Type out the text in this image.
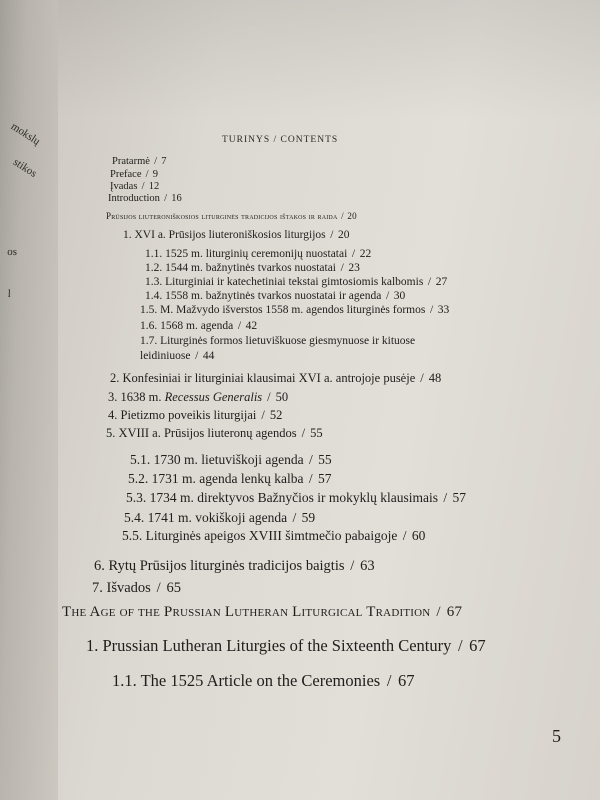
mokslų
stikos
os
l
TURINYS / CONTENTS
Pratarmė / 7
Preface / 9
Įvadas / 12
Introduction / 16
Prūsijos liuteroniškosios liturginės tradicijos ištakos ir raida / 20
1. XVI a. Prūsijos liuteroniškosios liturgijos / 20
1.1. 1525 m. liturginių ceremonijų nuostatai / 22
1.2. 1544 m. bažnytinės tvarkos nuostatai / 23
1.3. Liturginiai ir katechetiniai tekstai gimtosiomis kalbomis / 27
1.4. 1558 m. bažnytinės tvarkos nuostatai ir agenda / 30
1.5. M. Mažvydo išverstos 1558 m. agendos liturginės formos / 33
1.6. 1568 m. agenda / 42
1.7. Liturginės formos lietuviškuose giesmynuose ir kituose
leidiniuose / 44
2. Konfesiniai ir liturginiai klausimai XVI a. antrojoje pusėje / 48
3. 1638 m. Recessus Generalis / 50
4. Pietizmo poveikis liturgijai / 52
5. XVIII a. Prūsijos liuteronų agendos / 55
5.1. 1730 m. lietuviškoji agenda / 55
5.2. 1731 m. agenda lenkų kalba / 57
5.3. 1734 m. direktyvos Bažnyčios ir mokyklų klausimais / 57
5.4. 1741 m. vokiškoji agenda / 59
5.5. Liturginės apeigos XVIII šimtmečio pabaigoje / 60
6. Rytų Prūsijos liturginės tradicijos baigtis / 63
7. Išvados / 65
The Age of the Prussian Lutheran Liturgical Tradition / 67
1. Prussian Lutheran Liturgies of the Sixteenth Century / 67
1.1. The 1525 Article on the Ceremonies / 67
5
